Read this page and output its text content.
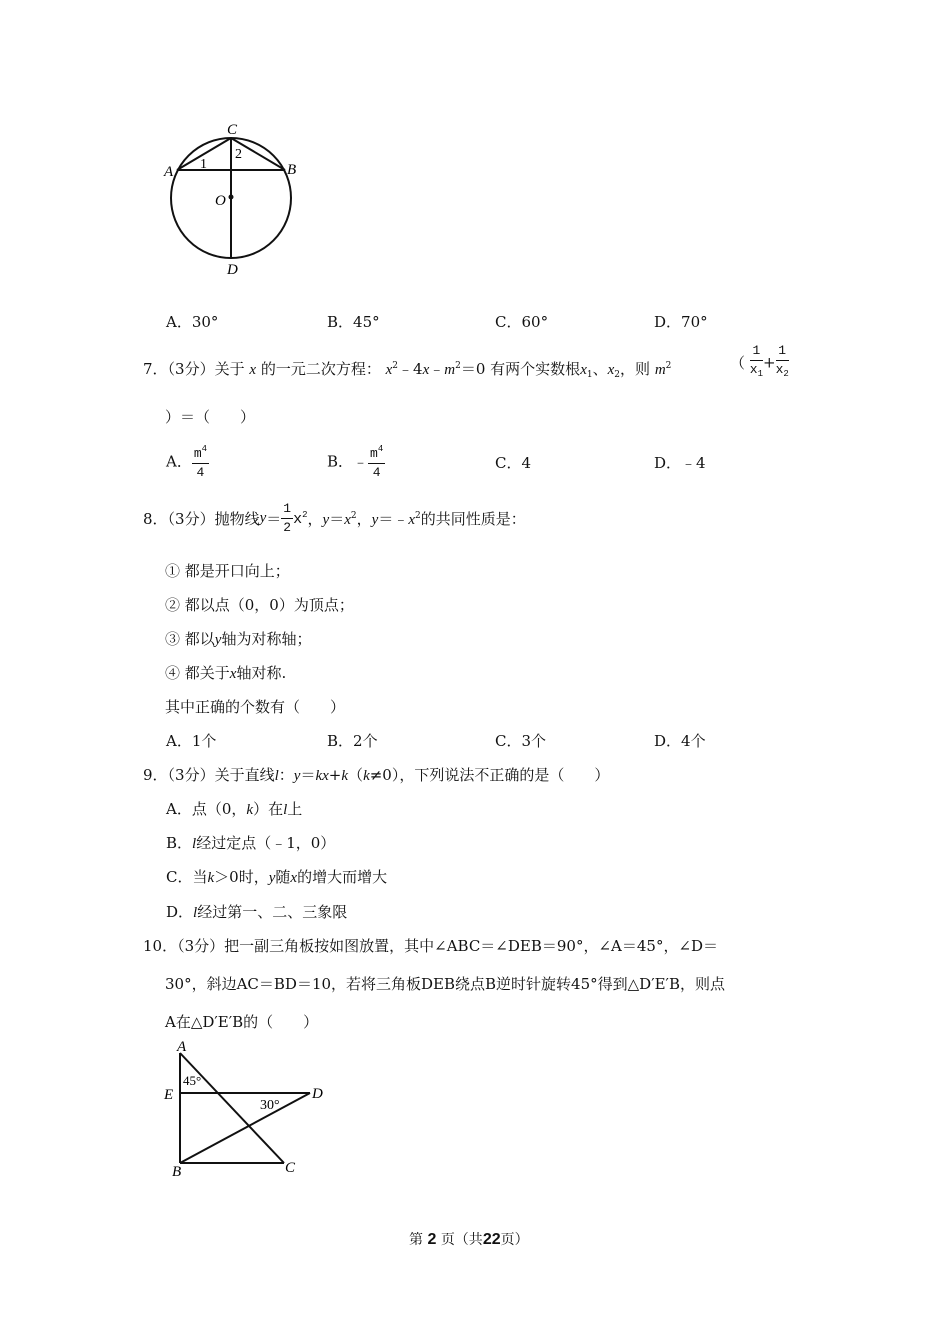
C
A	B
O
D
1
2
A．30°	B．45°	C．60°	D．70°
7．（3分）关于 x 的一元二次方程： $x^2﹣4x﹣m^2=0$ 有两个实数根$x_1$、$x_2$，则 $m^2$	（ $\frac{1}{x_1} + \frac{1}{x_2}$
）＝（　　）
A． $\frac{m^4}{4}$	B．﹣ $\frac{m^4}{4}$	C．4	D．﹣4
8．（3分）抛物线$y= \frac{1}{2} x^2$，$y=x^2$，$y=﹣x^2$的共同性质是：
① 都是开口向上；
② 都以点（0，0）为顶点；
③ 都以y轴为对称轴；
④ 都关于x轴对称.
其中正确的个数有（　　）
A．1个	B．2个	C．3个	D．4个
9．（3分）关于直线l：y＝kx+k（k≠0），下列说法不正确的是（　　）
A．点（0，k）在l上
B．l经过定点（﹣1，0）
C．当k＞0时，y随x的增大而增大
D．l经过第一、二、三象限
10．（3分）把一副三角板按如图放置，其中∠ABC＝∠DEB＝90°，∠A＝45°，∠D＝
30°，斜边AC＝BD＝10，若将三角板DEB绕点B逆时针旋转45°得到△D′E′B，则点
A在△D′E′B的（　　）
A
E	D
B	C
45°
30°
第 2 页（共22页）
